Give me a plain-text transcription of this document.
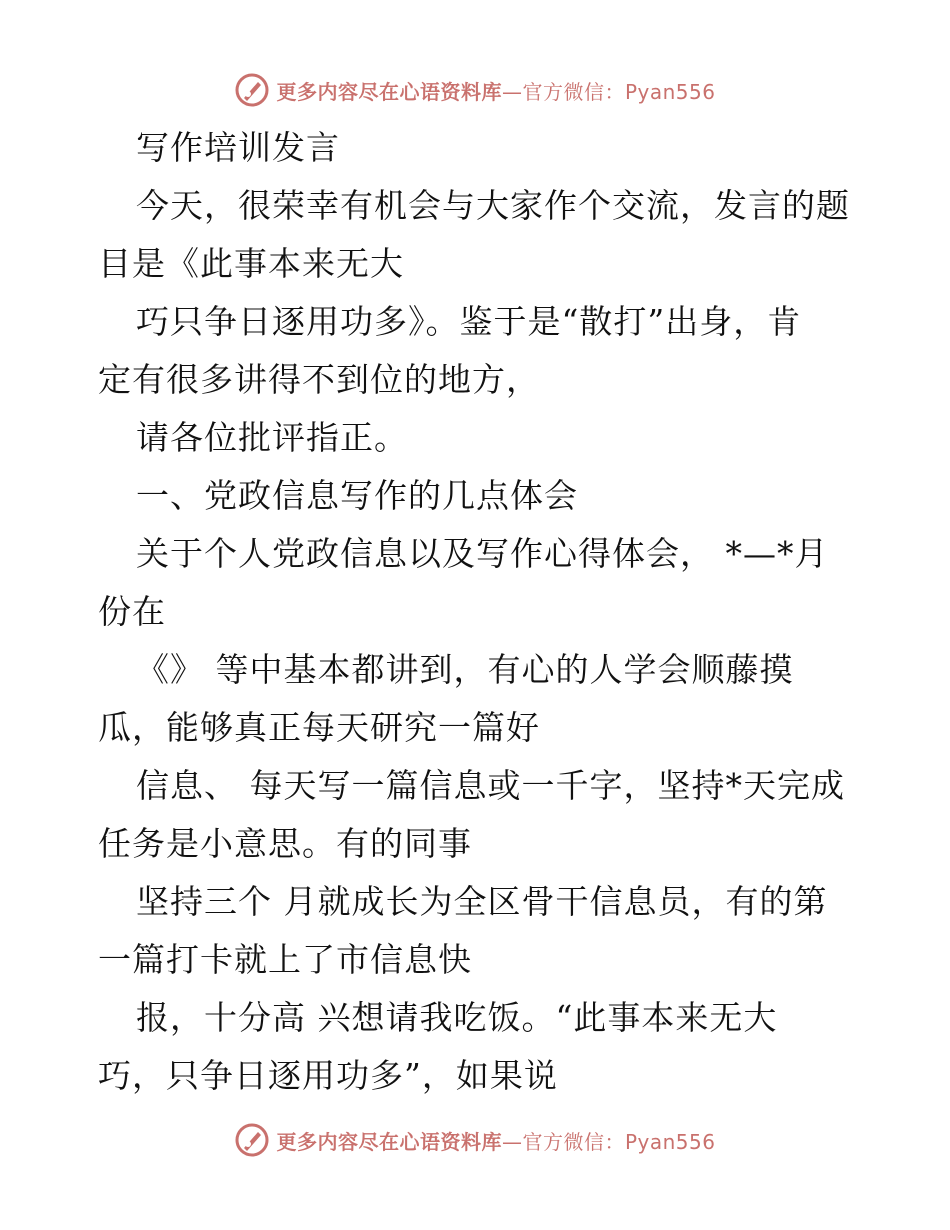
更多内容尽在心语资料库—官方微信：Pyan556
写作培训发言
今天，很荣幸有机会与大家作个交流，发言的题
目是《此事本来无大
巧只争日逐用功多》。鉴于是“散打”出身，肯
定有很多讲得不到位的地方，
请各位批评指正。
一、党政信息写作的几点体会
关于个人党政信息以及写作心得体会， *—*月
份在
《》 等中基本都讲到，有心的人学会顺藤摸
瓜，能够真正每天研究一篇好
信息、 每天写一篇信息或一千字，坚持*天完成
任务是小意思。有的同事
坚持三个 月就成长为全区骨干信息员，有的第
一篇打卡就上了市信息快
报，十分高 兴想请我吃饭。“此事本来无大
巧，只争日逐用功多”，如果说
更多内容尽在心语资料库—官方微信：Pyan556
